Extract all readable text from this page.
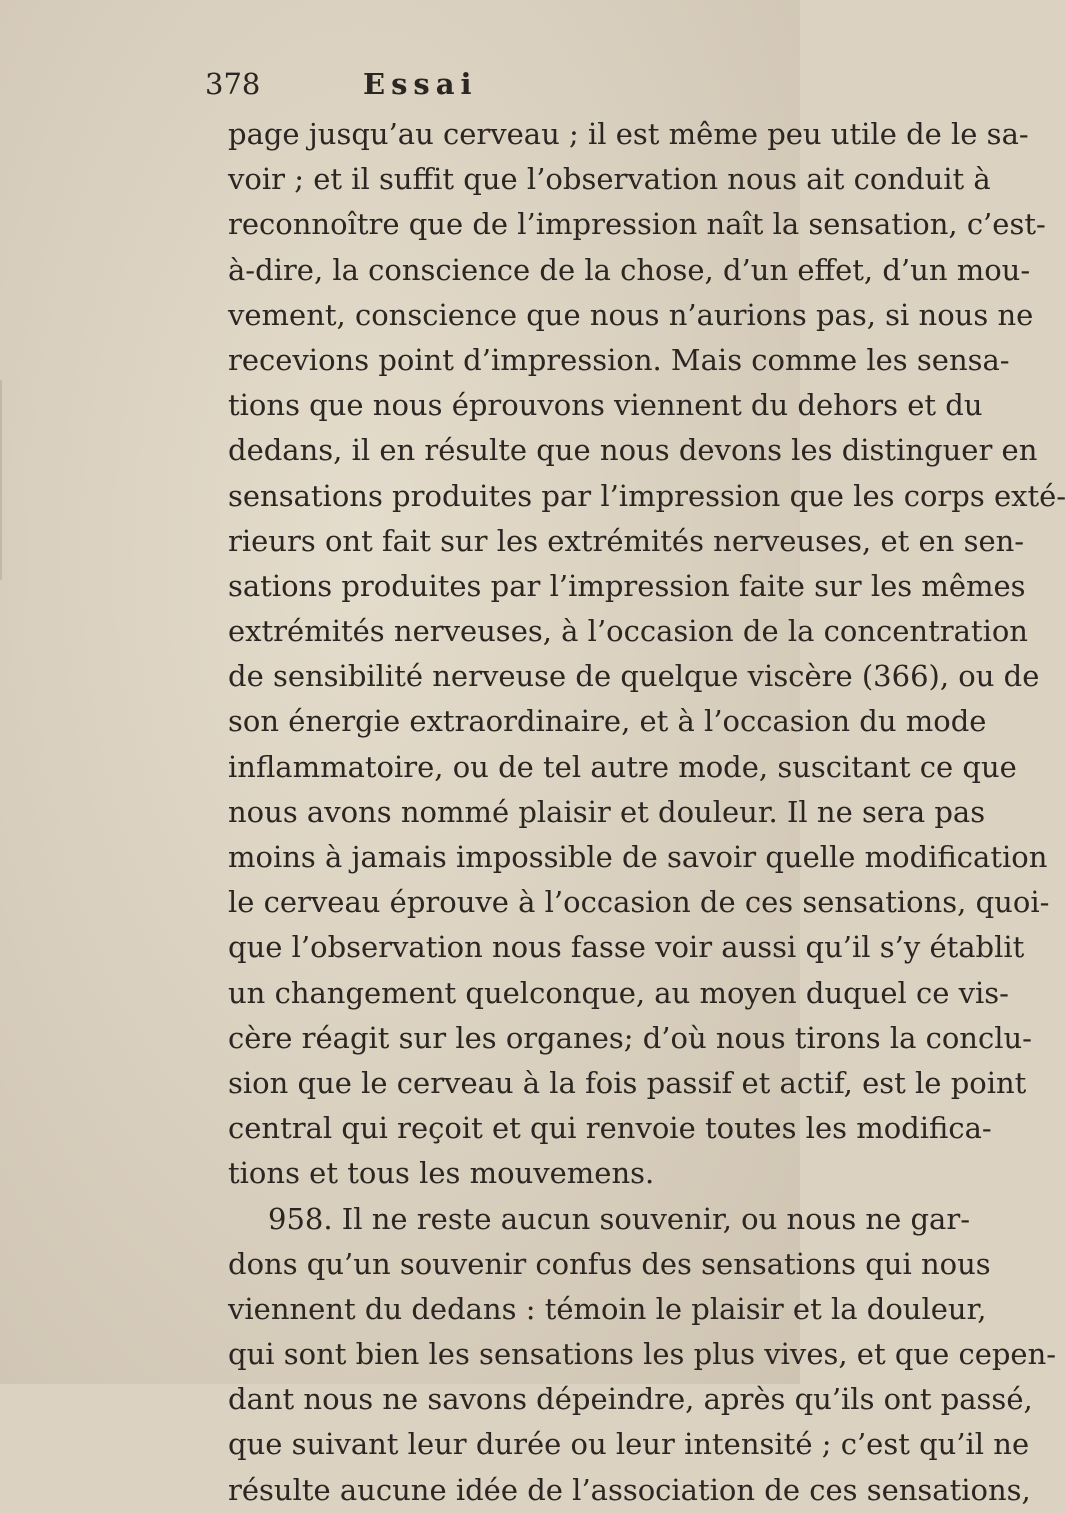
378	Essai
page jusqu’au cerveau ; il est même peu utile de le sa-
voir ; et il suffit que l’observation nous ait conduit à
reconnoître que de l’impression naît la sensation, c’est-
à-dire, la conscience de la chose, d’un effet, d’un mou-
vement, conscience que nous n’aurions pas, si nous ne
recevions point d’impression. Mais comme les sensa-
tions que nous éprouvons viennent du dehors et du
dedans, il en résulte que nous devons les distinguer en
sensations produites par l’impression que les corps exté-
rieurs ont fait sur les extrémités nerveuses, et en sen-
sations produites par l’impression faite sur les mêmes
extrémités nerveuses, à l’occasion de la concentration
de sensibilité nerveuse de quelque viscère (366), ou de
son énergie extraordinaire, et à l’occasion du mode
inflammatoire, ou de tel autre mode, suscitant ce que
nous avons nommé plaisir et douleur. Il ne sera pas
moins à jamais impossible de savoir quelle modification
le cerveau éprouve à l’occasion de ces sensations, quoi-
que l’observation nous fasse voir aussi qu’il s’y établit
un changement quelconque, au moyen duquel ce vis-
cère réagit sur les organes; d’où nous tirons la conclu-
sion que le cerveau à la fois passif et actif, est le point
central qui reçoit et qui renvoie toutes les modifica-
tions et tous les mouvemens.
958. Il ne reste aucun souvenir, ou nous ne gar-
dons qu’un souvenir confus des sensations qui nous
viennent du dedans : témoin le plaisir et la douleur,
qui sont bien les sensations les plus vives, et que cepen-
dant nous ne savons dépeindre, après qu’ils ont passé,
que suivant leur durée ou leur intensité ; c’est qu’il ne
résulte aucune idée de l’association de ces sensations,
